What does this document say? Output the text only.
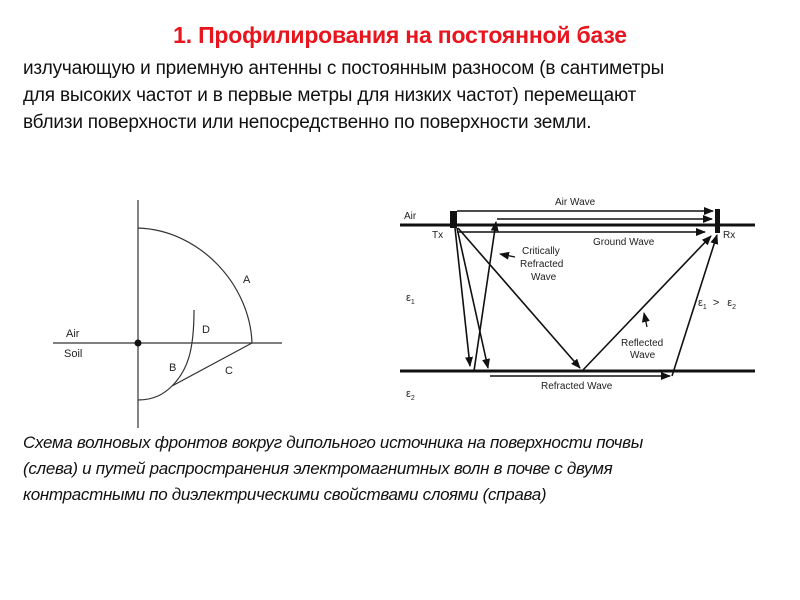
1. Профилирования на постоянной базе
излучающую и приемную антенны с постоянным разносом (в сантиметры
для высоких частот и в первые метры для низких частот) перемещают
вблизи поверхности или непосредственно по поверхности земли.
Air
Soil
A
D
B	C
Air
Tx	Rx
Air Wave
Ground Wave
Critically
Refracted
Wave
Reflected
Wave
Refracted Wave
$\varepsilon_1$
$\varepsilon_2$
$\varepsilon_1 > \varepsilon_2$
Схема волновых фронтов вокруг дипольного источника на поверхности почвы
(слева) и путей распространения электромагнитных волн в почве с двумя
контрастными по диэлектрическими свойствами слоями (справа)
